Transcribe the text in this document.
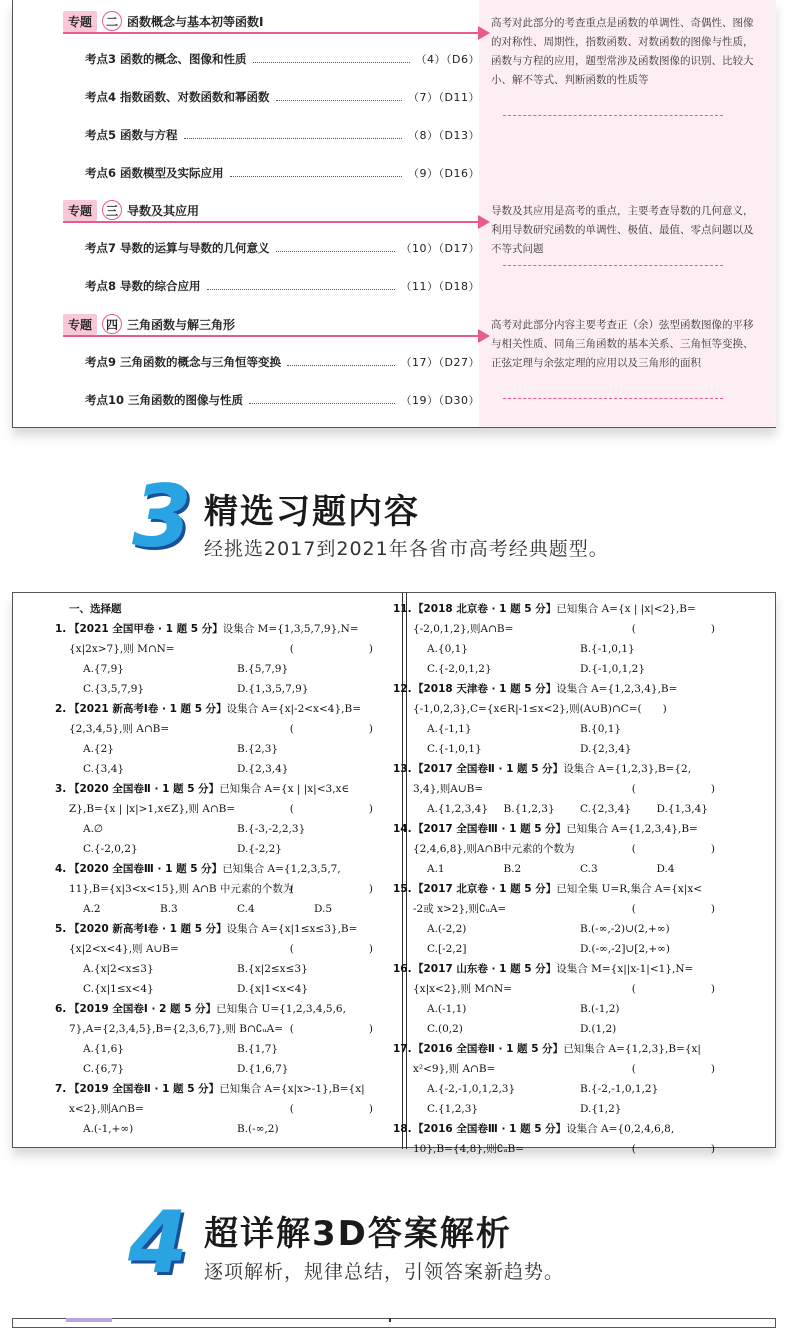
专题	二 函数概念与基本初等函数Ⅰ
考点3 函数的概念、图像和性质	（4）（D6）
考点4 指数函数、对数函数和幂函数	（7）（D11）
考点5 函数与方程	（8）（D13）
考点6 函数模型及实际应用	（9）（D16）
高考对此部分的考查重点是函数的单调性、奇偶性、图像的对称性、周期性，指数函数、对数函数的图像与性质，函数与方程的应用，题型常涉及函数图像的识别、比较大小、解不等式、判断函数的性质等
专题	三 导数及其应用
考点7 导数的运算与导数的几何意义	（10）（D17）
考点8 导数的综合应用	（11）（D18）
导数及其应用是高考的重点，主要考查导数的几何意义，利用导数研究函数的单调性、极值、最值、零点问题以及不等式问题
专题	四 三角函数与解三角形
考点9 三角函数的概念与三角恒等变换	（17）（D27）
考点10 三角函数的图像与性质	（19）（D30）
高考对此部分内容主要考查正（余）弦型函数图像的平移与相关性质、同角三角函数的基本关系、三角恒等变换、正弦定理与余弦定理的应用以及三角形的面积
3 精选习题内容
经挑选2017到2021年各省市高考经典题型。
一、选择题
1. 【2021 全国甲卷 · 1 题 5 分】设集合 M={1,3,5,7,9},N=
{x|2x>7},则 M∩N=	(　　)
A.{7,9}	B.{5,7,9}
C.{3,5,7,9}	D.{1,3,5,7,9}
2. 【2021 新高考Ⅰ卷 · 1 题 5 分】设集合 A={x|-2<x<4},B=
{2,3,4,5},则 A∩B=	(　　)
A.{2}	B.{2,3}
C.{3,4}	D.{2,3,4}
3. 【2020 全国卷Ⅱ · 1 题 5 分】已知集合 A={x | |x|<3,x∈
Z},B={x | |x|>1,x∈Z},则 A∩B=	(　　)
A.∅	B.{-3,-2,2,3}
C.{-2,0,2}	D.{-2,2}
4. 【2020 全国卷Ⅲ · 1 题 5 分】已知集合 A={1,2,3,5,7,
11},B={x|3<x<15},则 A∩B 中元素的个数为
(　　)
A.2	B.3	C.4	D.5
5. 【2020 新高考Ⅰ卷 · 1 题 5 分】设集合 A={x|1≤x≤3},B=
{x|2<x<4},则 A∪B=	(　　)
A.{x|2<x≤3}	B.{x|2≤x≤3}
C.{x|1≤x<4}	D.{x|1<x<4}
6. 【2019 全国卷Ⅰ · 2 题 5 分】已知集合 U={1,2,3,4,5,6,
7},A={2,3,4,5},B={2,3,6,7},则 B∩∁ᵤA= (　　)
A.{1,6}	B.{1,7}
C.{6,7}	D.{1,6,7}
7. 【2019 全国卷Ⅱ · 1 题 5 分】已知集合 A={x|x>-1},B={x|
x<2},则A∩B=	(　　)
A.(-1,+∞)	B.(-∞,2)
11. 【2018 北京卷 · 1 题 5 分】已知集合 A={x | |x|<2},B=
{-2,0,1,2},则A∩B=	(　　)
A.{0,1}	B.{-1,0,1}
C.{-2,0,1,2}	D.{-1,0,1,2}
12. 【2018 天津卷 · 1 题 5 分】设集合 A={1,2,3,4},B=
{-1,0,2,3},C={x∈R|-1≤x<2},则(A∪B)∩C=(　　)
A.{-1,1}	B.{0,1}
C.{-1,0,1}	D.{2,3,4}
13. 【2017 全国卷Ⅱ · 1 题 5 分】设集合 A={1,2,3},B={2,
3,4},则A∪B=	(　　)
A.{1,2,3,4}	B.{1,2,3}	C.{2,3,4}	D.{1,3,4}
14. 【2017 全国卷Ⅲ · 1 题 5 分】已知集合 A={1,2,3,4},B=
{2,4,6,8},则A∩B中元素的个数为	(　　)
A.1	B.2	C.3	D.4
15. 【2017 北京卷 · 1 题 5 分】已知全集 U=R,集合 A={x|x<
-2或 x>2},则∁ᵤA=	(　　)
A.(-2,2)	B.(-∞,-2)∪(2,+∞)
C.[-2,2]	D.(-∞,-2]∪[2,+∞)
16. 【2017 山东卷 · 1 题 5 分】设集合 M={x||x-1|<1},N=
{x|x<2},则 M∩N=	(　　)
A.(-1,1)	B.(-1,2)
C.(0,2)	D.(1,2)
17. 【2016 全国卷Ⅱ · 1 题 5 分】已知集合 A={1,2,3},B={x|
x²<9},则 A∩B=	(　　)
A.{-2,-1,0,1,2,3}	B.{-2,-1,0,1,2}
C.{1,2,3}	D.{1,2}
18. 【2016 全国卷Ⅲ · 1 题 5 分】设集合 A={0,2,4,6,8,
10},B={4,8},则∁ₐB=	(　　)
4 超详解3D答案解析
逐项解析，规律总结，引领答案新趋势。
